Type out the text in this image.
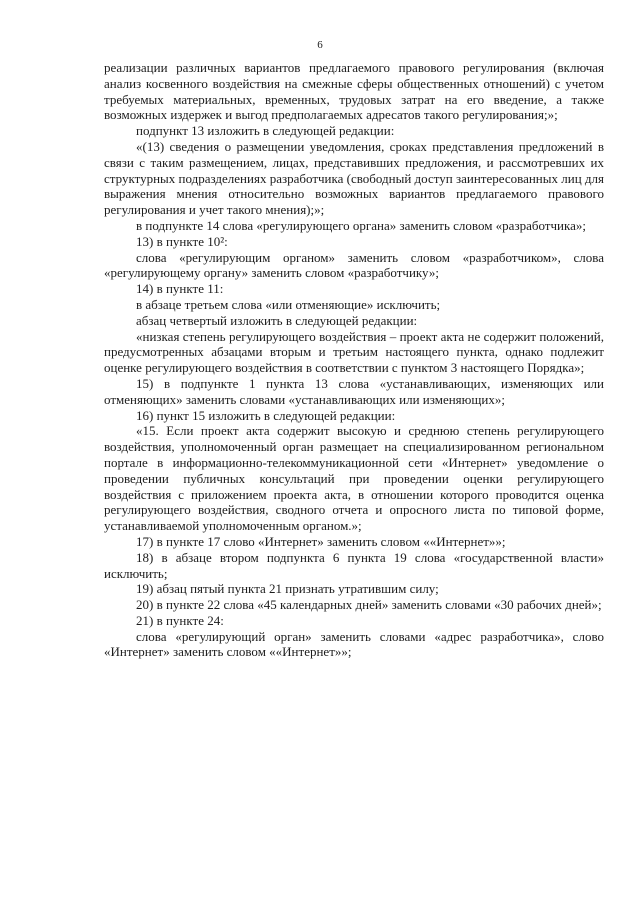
6

реализации различных вариантов предлагаемого правового регулирования (включая анализ косвенного воздействия на смежные сферы общественных отношений) с учетом требуемых материальных, временных, трудовых затрат на его введение, а также возможных издержек и выгод предполагаемых адресатов такого регулирования;»;

подпункт 13 изложить в следующей редакции:

«(13) сведения о размещении уведомления, сроках представления предложений в связи с таким размещением, лицах, представивших предложения, и рассмотревших их структурных подразделениях разработчика (свободный доступ заинтересованных лиц для выражения мнения относительно возможных вариантов предлагаемого правового регулирования и учет такого мнения);»;

в подпункте 14 слова «регулирующего органа» заменить словом «разработчика»;

13) в пункте 10²:

слова «регулирующим органом» заменить словом «разработчиком», слова «регулирующему органу» заменить словом «разработчику»;

14) в пункте 11:

в абзаце третьем слова «или отменяющие» исключить;

абзац четвертый изложить в следующей редакции:

«низкая степень регулирующего воздействия – проект акта не содержит положений, предусмотренных абзацами вторым и третьим настоящего пункта, однако подлежит оценке регулирующего воздействия в соответствии с пунктом 3 настоящего Порядка»;

15) в подпункте 1 пункта 13 слова «устанавливающих, изменяющих или отменяющих» заменить словами «устанавливающих или изменяющих»;

16) пункт 15 изложить в следующей редакции:

«15. Если проект акта содержит высокую и среднюю степень регулирующего воздействия, уполномоченный орган размещает на специализированном региональном портале в информационно-телекоммуникационной сети «Интернет» уведомление о проведении публичных консультаций при проведении оценки регулирующего воздействия с приложением проекта акта, в отношении которого проводится оценка регулирующего воздействия, сводного отчета и опросного листа по типовой форме, устанавливаемой уполномоченным органом.»;

17) в пункте 17 слово «Интернет» заменить словом ««Интернет»»;

18) в абзаце втором подпункта 6 пункта 19 слова «государственной власти» исключить;

19) абзац пятый пункта 21 признать утратившим силу;

20) в пункте 22 слова «45 календарных дней» заменить словами «30 рабочих дней»;

21) в пункте 24:

слова «регулирующий орган» заменить словами «адрес разработчика», слово «Интернет» заменить словом ««Интернет»»;
